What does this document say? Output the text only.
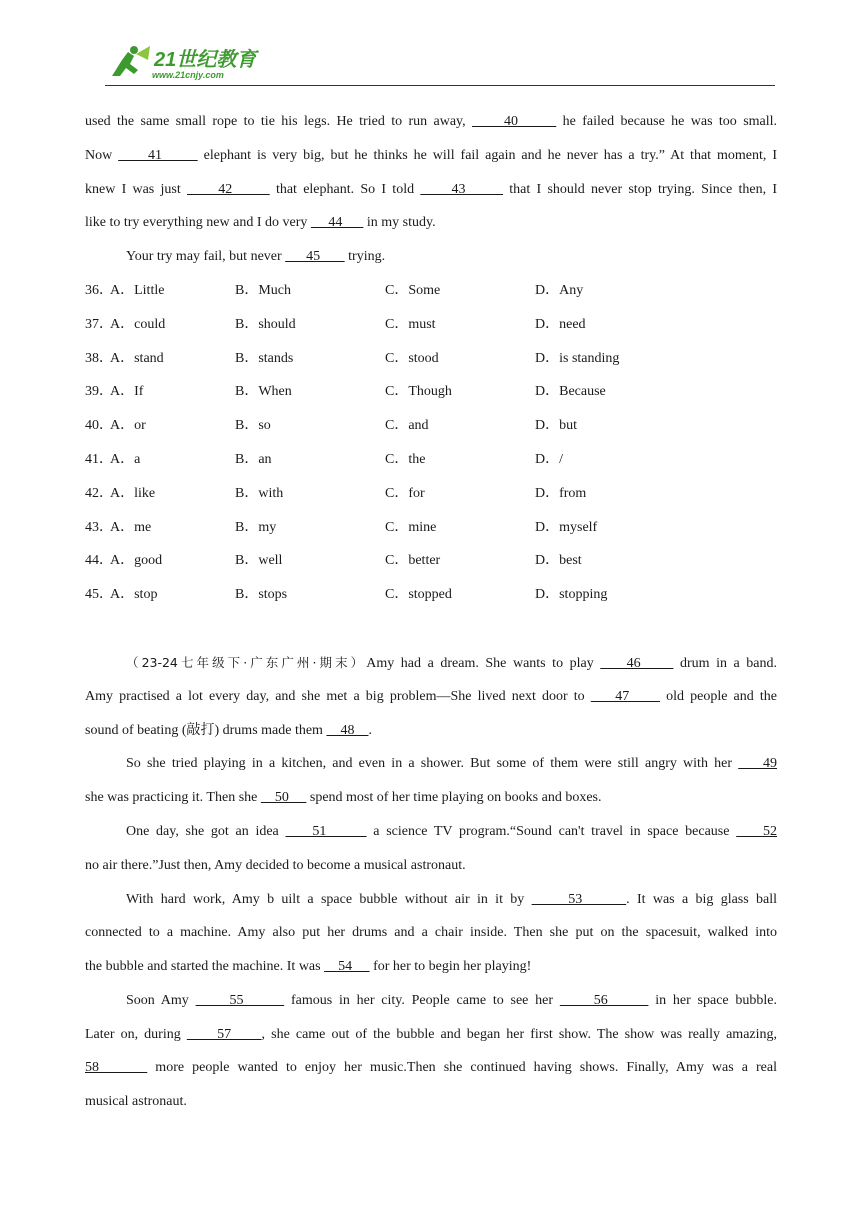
21世纪教育
www.21cnjy.com
used the same small rope to tie his legs. He tried to run away,      40       he failed because he was too small.
Now      41       elephant is very big, but he thinks he will fail again and he never has a try.” At that moment, I
knew I was just      42       that elephant. So I told      43       that I should never stop trying. Since then, I
like to try everything new and I do very      44       in my study.
Your try may fail, but never       45        trying.
36．
A．Little	B．Much	C．Some	D．Any
37．
A．could	B．should	C．must	D．need
38．
A．stand	B．stands	C．stood	D．is standing
39．
A．If	B．When	C．Though	D．Because
40．
A．or	B．so	C．and	D．but
41．
A．a	B．an	C．the	D．/
42．
A．like	B．with	C．for	D．from
43．
A．me	B．my	C．mine	D．myself
44．
A．good	B．well	C．better	D．best
45．
A．stop	B．stops	C．stopped	D．stopping
（23-24七年级下·广东广州·期末）Amy had a dream. She wants to play     46      drum in a band.
Amy practised a lot every day, and she met a big problem—She lived next door to     47      old people and the
sound of beating (敲打) drums made them     48    .
So she tried playing in a kitchen, and even in a shower. But some of them were still angry with her     49
she was practicing it. Then she     50      spend most of her time playing on books and boxes.
One day, she got an idea     51       a science TV program.“Sound can't travel in space because     52
no air there.”Just then, Amy decided to become a musical astronaut.
With hard work, Amy b uilt a space bubble without air in it by      53      . It was a big glass ball
connected to a machine. Amy also put her drums and a chair inside. Then she put on the spacesuit, walked into
the bubble and started the machine. It was     54      for her to begin her playing!
Soon Amy      55       famous in her city. People came to see her      56       in her space bubble.
Later on, during      57     , she came out of the bubble and began her first show. The show was really amazing,
58       more people wanted to enjoy her music.Then she continued having shows. Finally, Amy was a real
musical astronaut.
